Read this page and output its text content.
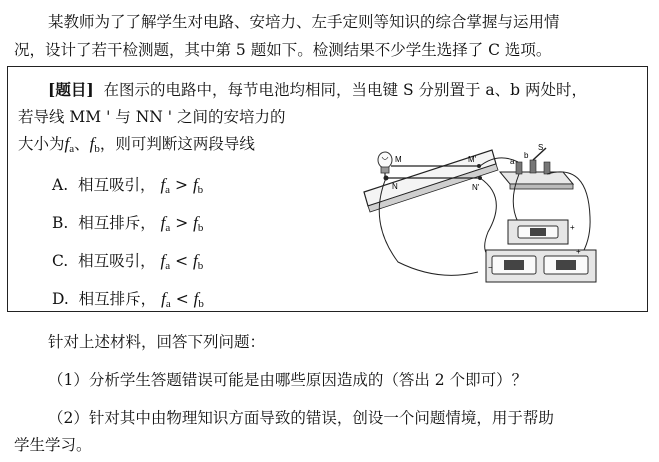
某教师为了了解学生对电路、安培力、左手定则等知识的综合掌握与运用情
况，设计了若干检测题，其中第 5 题如下。检测结果不少学生选择了 C 选项。
[题目] 在图示的电路中，每节电池均相同，当电键 S 分别置于 a、b 两处时，
若导线 MM ' 与 NN ' 之间的安培力的
大小为$f_a$、$f_b$，则可判断这两段导线
A. 相互吸引， $f_a > f_b$
B. 相互排斥， $f_a > f_b$
C. 相互吸引， $f_a < f_b$
D. 相互排斥， $f_a < f_b$
M	M'
N	N'
S
a
b
+
+
−
针对上述材料，回答下列问题：
（1）分析学生答题错误可能是由哪些原因造成的（答出 2 个即可）？
（2）针对其中由物理知识方面导致的错误，创设一个问题情境，用于帮助
学生学习。
